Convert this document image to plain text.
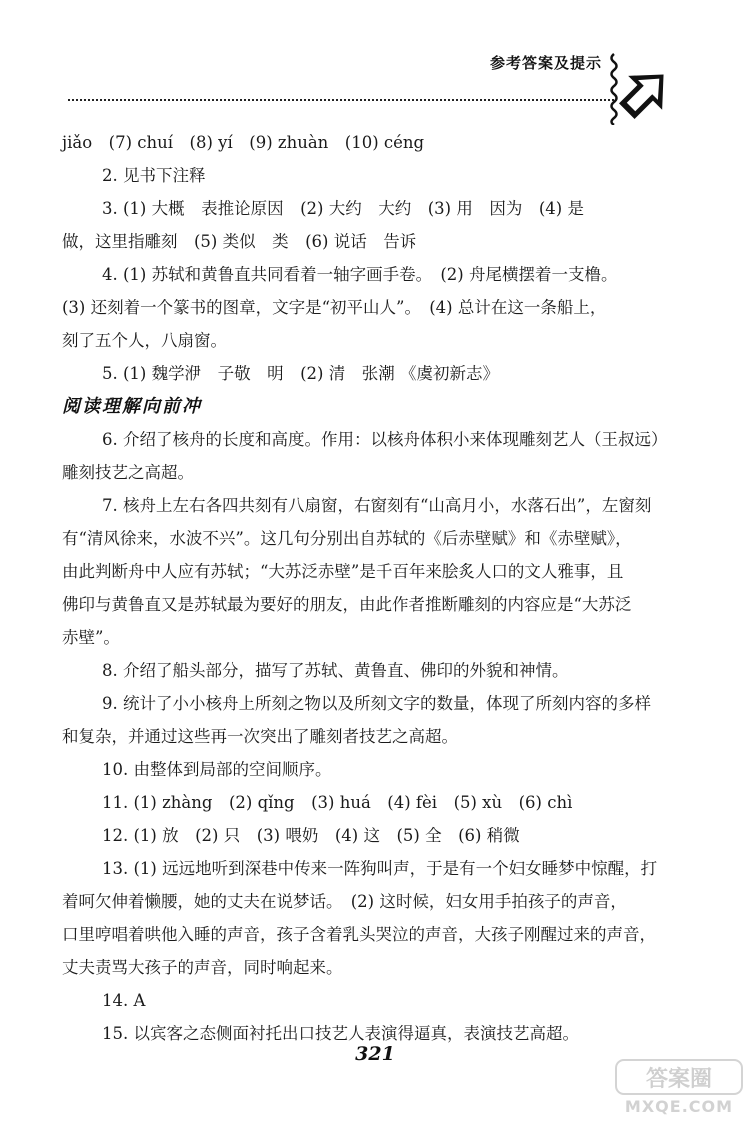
参考答案及提示
jiǎo　(7) chuí　(8) yí　(9) zhuàn　(10) céng
2. 见书下注释
3. (1) 大概　表推论原因　(2) 大约　大约　(3) 用　因为　(4) 是
做，这里指雕刻　(5) 类似　类　(6) 说话　告诉
4. (1) 苏轼和黄鲁直共同看着一轴字画手卷。　(2) 舟尾横摆着一支橹。
(3) 还刻着一个篆书的图章，文字是“初平山人”。　(4) 总计在这一条船上，
刻了五个人，八扇窗。
5. (1) 魏学洢　子敬　明　(2) 清　张潮 《虞初新志》
阅读理解向前冲
6. 介绍了核舟的长度和高度。作用：以核舟体积小来体现雕刻艺人（王叔远）
雕刻技艺之高超。
7. 核舟上左右各四共刻有八扇窗，右窗刻有“山高月小，水落石出”，左窗刻
有“清风徐来，水波不兴”。这几句分别出自苏轼的《后赤壁赋》和《赤壁赋》，
由此判断舟中人应有苏轼；“大苏泛赤壁”是千百年来脍炙人口的文人雅事，且
佛印与黄鲁直又是苏轼最为要好的朋友，由此作者推断雕刻的内容应是“大苏泛
赤壁”。
8. 介绍了船头部分，描写了苏轼、黄鲁直、佛印的外貌和神情。
9. 统计了小小核舟上所刻之物以及所刻文字的数量，体现了所刻内容的多样
和复杂，并通过这些再一次突出了雕刻者技艺之高超。
10. 由整体到局部的空间顺序。
11. (1) zhàng　(2) qǐng　(3) huá　(4) fèi　(5) xù　(6) chì
12. (1) 放　(2) 只　(3) 喂奶　(4) 这　(5) 全　(6) 稍微
13. (1) 远远地听到深巷中传来一阵狗叫声，于是有一个妇女睡梦中惊醒，打
着呵欠伸着懒腰，她的丈夫在说梦话。　(2) 这时候，妇女用手拍孩子的声音，
口里哼唱着哄他入睡的声音，孩子含着乳头哭泣的声音，大孩子刚醒过来的声音，
丈夫责骂大孩子的声音，同时响起来。
14. A
15. 以宾客之态侧面衬托出口技艺人表演得逼真，表演技艺高超。
321
答案圈
MXQE.COM
